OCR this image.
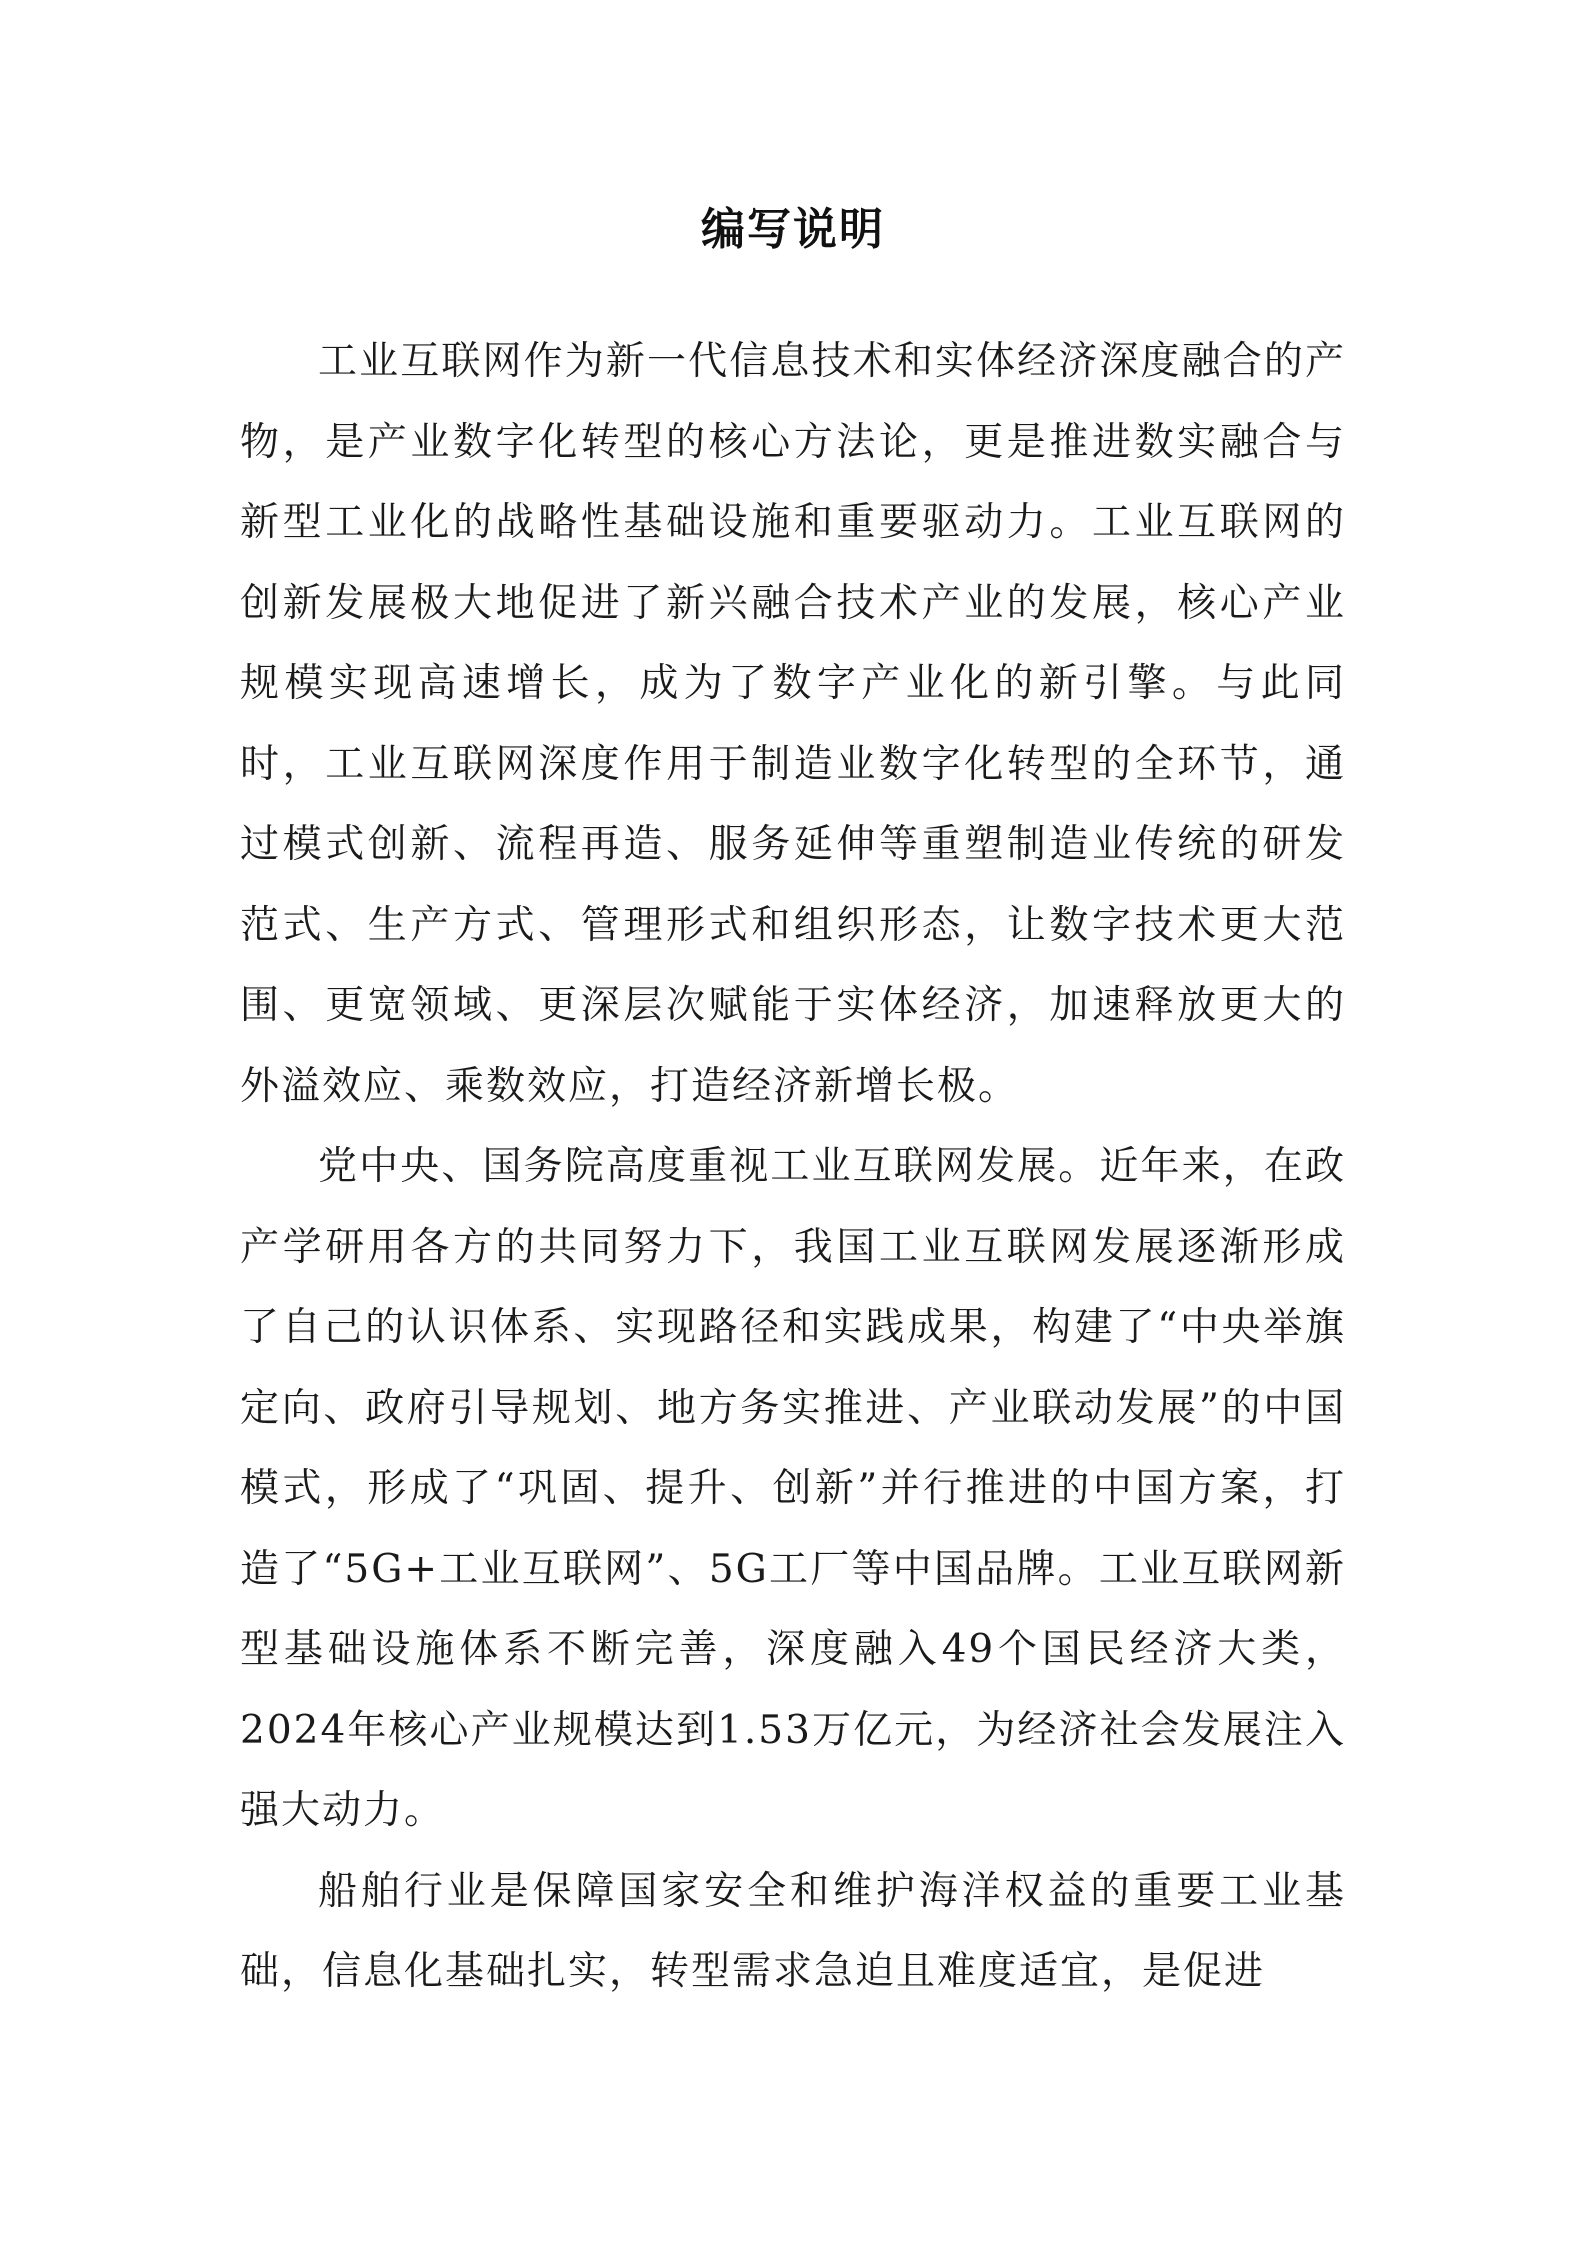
编写说明

工业互联网作为新一代信息技术和实体经济深度融合的产物，是产业数字化转型的核心方法论，更是推进数实融合与新型工业化的战略性基础设施和重要驱动力。工业互联网的创新发展极大地促进了新兴融合技术产业的发展，核心产业规模实现高速增长，成为了数字产业化的新引擎。与此同时，工业互联网深度作用于制造业数字化转型的全环节，通过模式创新、流程再造、服务延伸等重塑制造业传统的研发范式、生产方式、管理形式和组织形态，让数字技术更大范围、更宽领域、更深层次赋能于实体经济，加速释放更大的外溢效应、乘数效应，打造经济新增长极。

党中央、国务院高度重视工业互联网发展。近年来，在政产学研用各方的共同努力下，我国工业互联网发展逐渐形成了自己的认识体系、实现路径和实践成果，构建了“中央举旗定向、政府引导规划、地方务实推进、产业联动发展”的中国模式，形成了“巩固、提升、创新”并行推进的中国方案，打造了“5G+工业互联网”、5G工厂等中国品牌。工业互联网新型基础设施体系不断完善，深度融入49个国民经济大类，2024年核心产业规模达到1.53万亿元，为经济社会发展注入强大动力。

船舶行业是保障国家安全和维护海洋权益的重要工业基础，信息化基础扎实，转型需求急迫且难度适宜，是促进
